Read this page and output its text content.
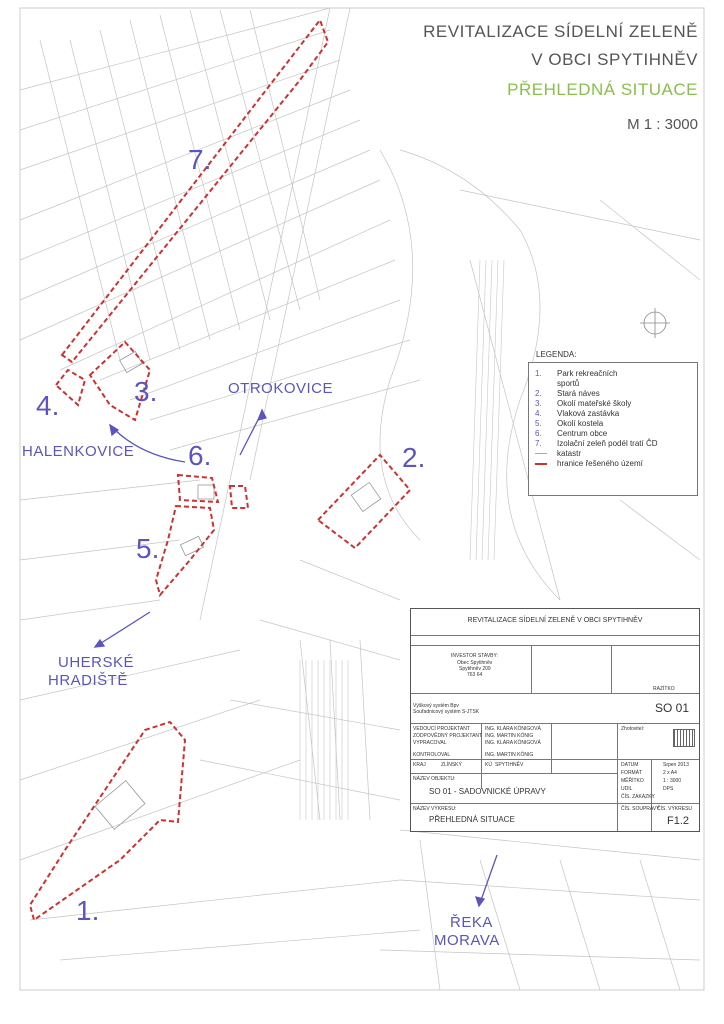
REVITALIZACE SÍDELNÍ ZELENĚ
V OBCI SPYTIHNĚV
PŘEHLEDNÁ SITUACE
M 1 : 3000
7.
3.
4.
6.	2.
5.
1.
OTROKOVICE
HALENKOVICE
UHERSKÉ
HRADIŠTĚ
ŘEKA
MORAVA
LEGENDA:
1.	Park rekreačních
sportů
2.	Stará náves
3.	Okolí mateřské školy
4.	Vlaková zastávka
5.	Okolí kostela
6.	Centrum obce
7.	Izolační zeleň podél tratí ČD
katastr
hranice řešeného území
REVITALIZACE SÍDELNÍ ZELENĚ V OBCI SPYTIHNĚV
INVESTOR STAVBY:
Obec Spytihněv
Spytihněv 209
763 64
RAZÍTKO
Výškový systém Bpv
Souřadnicový systém S-JTSK	SO 01
VEDOUCÍ PROJEKTANT	ING. KLÁRA KÖNIGOVÁ
ZODPOVĚDNÝ PROJEKTANT ING. MARTIN KÖNIG
VYPRACOVAL	ING. KLÁRA KÖNIGOVÁ
KONTROLOVAL	ING. MARTIN KÖNIG
Zhotovitel:
KRAJ	ZLÍNSKÝ	KÚ SPYTIHNĚV
NÁZEV OBJEKTU:
SO 01 - SADOVNICKÉ ÚPRAVY
NÁZEV VÝKRESU:
PŘEHLEDNÁ SITUACE
DATUM	Srpen 2013
FORMÁT	2 x A4
MĚŘÍTKO	1 : 3000
UDIL	DPS
ČÍS. ZAKÁZKY
ČÍS. SOUPRAVY
ČÍS. VÝKRESU
F1.2
